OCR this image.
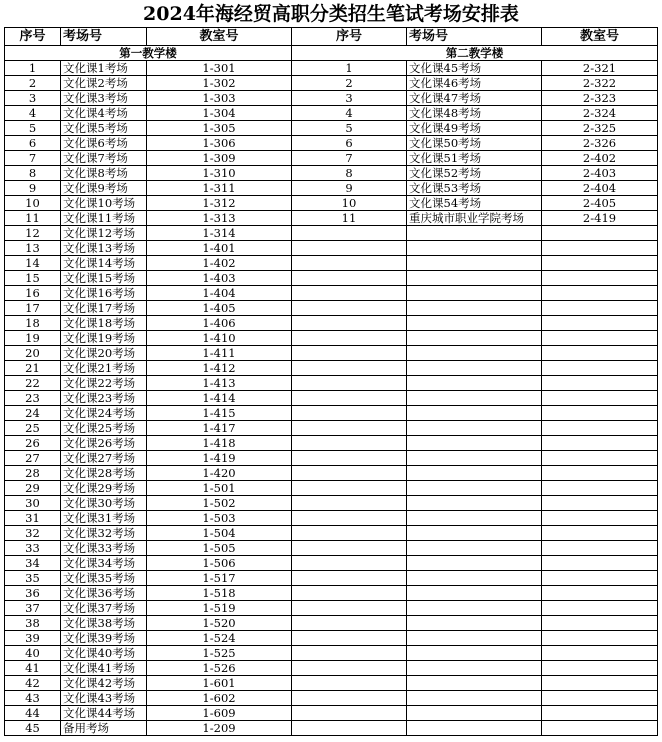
2024年海经贸高职分类招生笔试考场安排表
序号	考场号	教室号	序号	考场号	教室号
第一教学楼			第二教学楼		
1	文化课1考场	1-301	1	文化课45考场	2-321
2	文化课2考场	1-302	2	文化课46考场	2-322
3	文化课3考场	1-303	3	文化课47考场	2-323
4	文化课4考场	1-304	4	文化课48考场	2-324
5	文化课5考场	1-305	5	文化课49考场	2-325
6	文化课6考场	1-306	6	文化课50考场	2-326
7	文化课7考场	1-309	7	文化课51考场	2-402
8	文化课8考场	1-310	8	文化课52考场	2-403
9	文化课9考场	1-311	9	文化课53考场	2-404
10	文化课10考场	1-312	10	文化课54考场	2-405
11	文化课11考场	1-313	11	重庆城市职业学院考场	2-419
12	文化课12考场	1-314			
13	文化课13考场	1-401			
14	文化课14考场	1-402			
15	文化课15考场	1-403			
16	文化课16考场	1-404			
17	文化课17考场	1-405			
18	文化课18考场	1-406			
19	文化课19考场	1-410			
20	文化课20考场	1-411			
21	文化课21考场	1-412			
22	文化课22考场	1-413			
23	文化课23考场	1-414			
24	文化课24考场	1-415			
25	文化课25考场	1-417			
26	文化课26考场	1-418			
27	文化课27考场	1-419			
28	文化课28考场	1-420			
29	文化课29考场	1-501			
30	文化课30考场	1-502			
31	文化课31考场	1-503			
32	文化课32考场	1-504			
33	文化课33考场	1-505			
34	文化课34考场	1-506			
35	文化课35考场	1-517			
36	文化课36考场	1-518			
37	文化课37考场	1-519			
38	文化课38考场	1-520			
39	文化课39考场	1-524			
40	文化课40考场	1-525			
41	文化课41考场	1-526			
42	文化课42考场	1-601			
43	文化课43考场	1-602			
44	文化课44考场	1-609			
45	备用考场	1-209			
